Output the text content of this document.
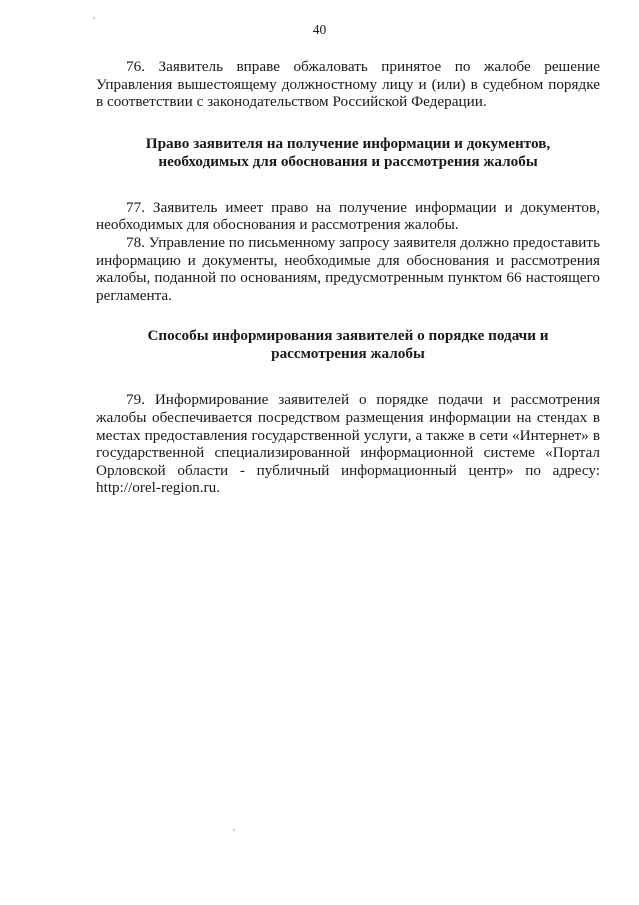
40

76. Заявитель вправе обжаловать принятое по жалобе решение Управления вышестоящему должностному лицу и (или) в судебном порядке в соответствии с законодательством Российской Федерации.

Право заявителя на получение информации и документов,
необходимых для обоснования и рассмотрения жалобы

77. Заявитель имеет право на получение информации и документов, необходимых для обоснования и рассмотрения жалобы.

78. Управление по письменному запросу заявителя должно предоставить информацию и документы, необходимые для обоснования и рассмотрения жалобы, поданной по основаниям, предусмотренным пунктом 66 настоящего регламента.

Способы информирования заявителей о порядке подачи и
рассмотрения жалобы

79. Информирование заявителей о порядке подачи и рассмотрения жалобы обеспечивается посредством размещения информации на стендах в местах предоставления государственной услуги, а также в сети «Интернет» в государственной специализированной информационной системе «Портал Орловской области - публичный информационный центр» по адресу: http://orel-region.ru.
